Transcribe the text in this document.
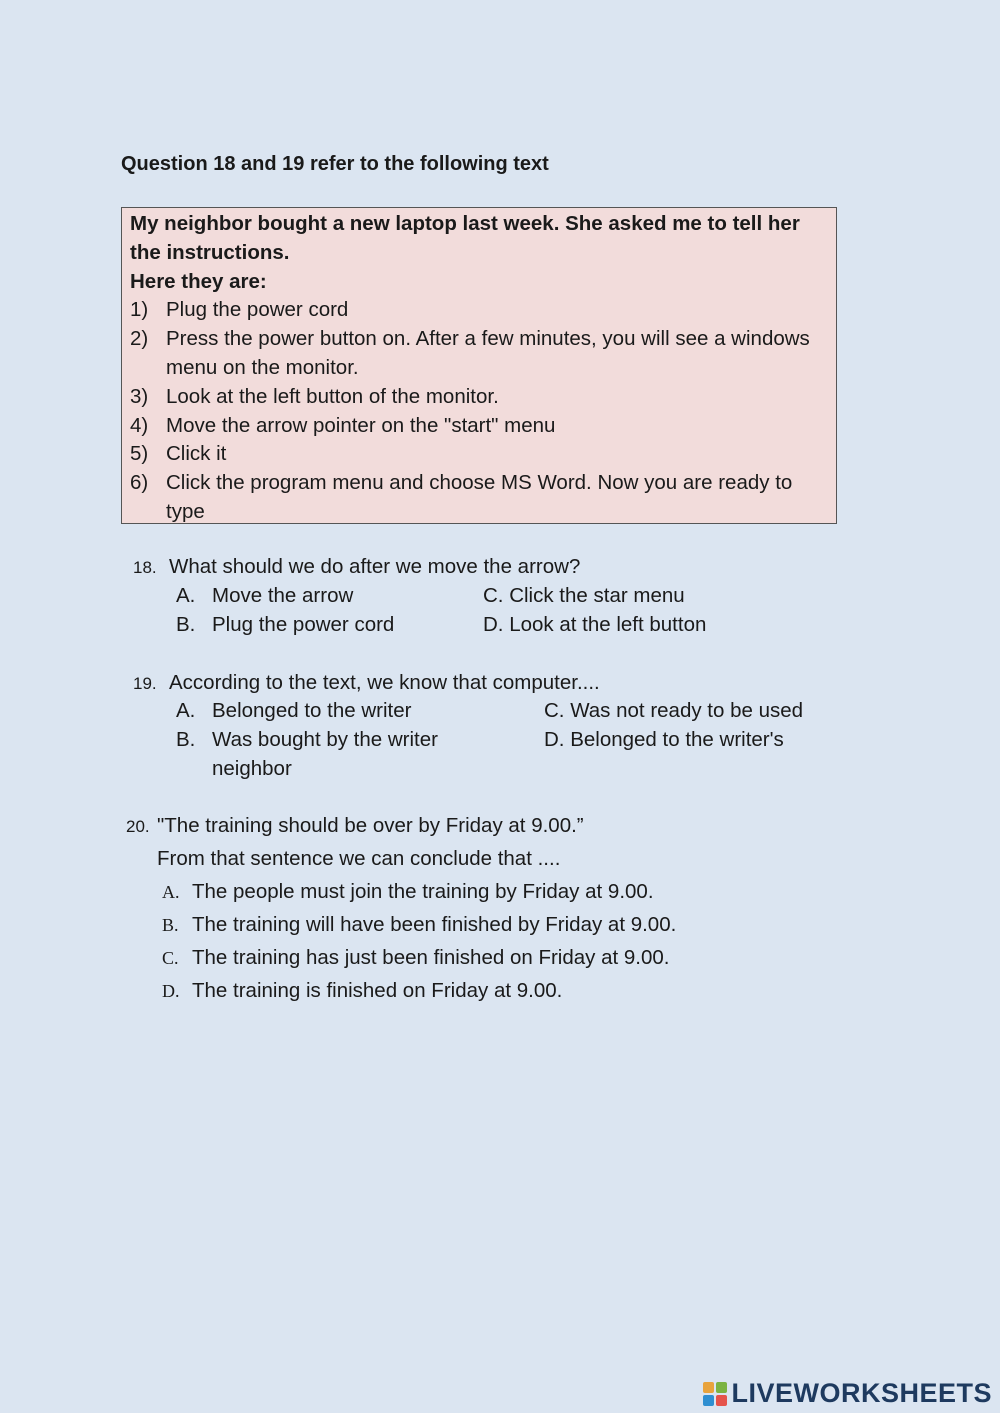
Question 18 and 19 refer to the following text
My neighbor bought a new laptop last week. She asked me to tell her the instructions.
Here they are:
1) Plug the power cord
2) Press the power button on. After a few minutes, you will see a windows menu on the monitor.
3) Look at the left button of the monitor.
4) Move the arrow pointer on the "start" menu
5) Click it
6) Click the program menu and choose MS Word. Now you are ready to type
18. What should we do after we move the arrow?
A. Move the arrow
B. Plug the power cord
C. Click the star menu
D. Look at the left button
19. According to the text, we know that computer....
A. Belonged to the writer
B. Was bought by the writer
neighbor
C. Was not ready to be used
D. Belonged to the writer's
20. "The training should be over by Friday at 9.00.”
From that sentence we can conclude that ....
A. The people must join the training by Friday at 9.00.
B. The training will have been finished by Friday at 9.00.
C. The training has just been finished on Friday at 9.00.
D. The training is finished on Friday at 9.00.
LIVEWORKSHEETS
